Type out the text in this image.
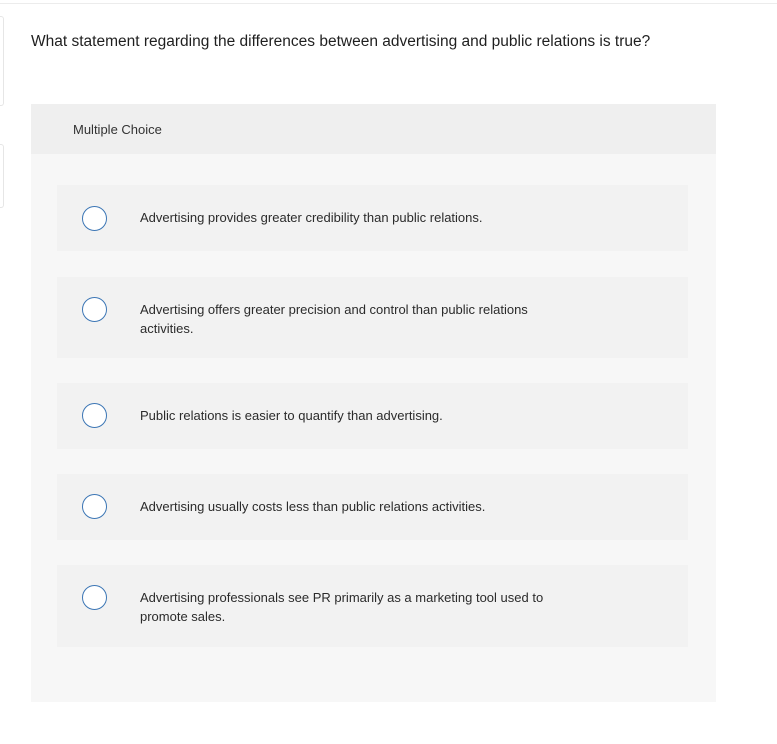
What statement regarding the differences between advertising and public relations is true?
Multiple Choice
Advertising provides greater credibility than public relations.
Advertising offers greater precision and control than public relations activities.
Public relations is easier to quantify than advertising.
Advertising usually costs less than public relations activities.
Advertising professionals see PR primarily as a marketing tool used to promote sales.
